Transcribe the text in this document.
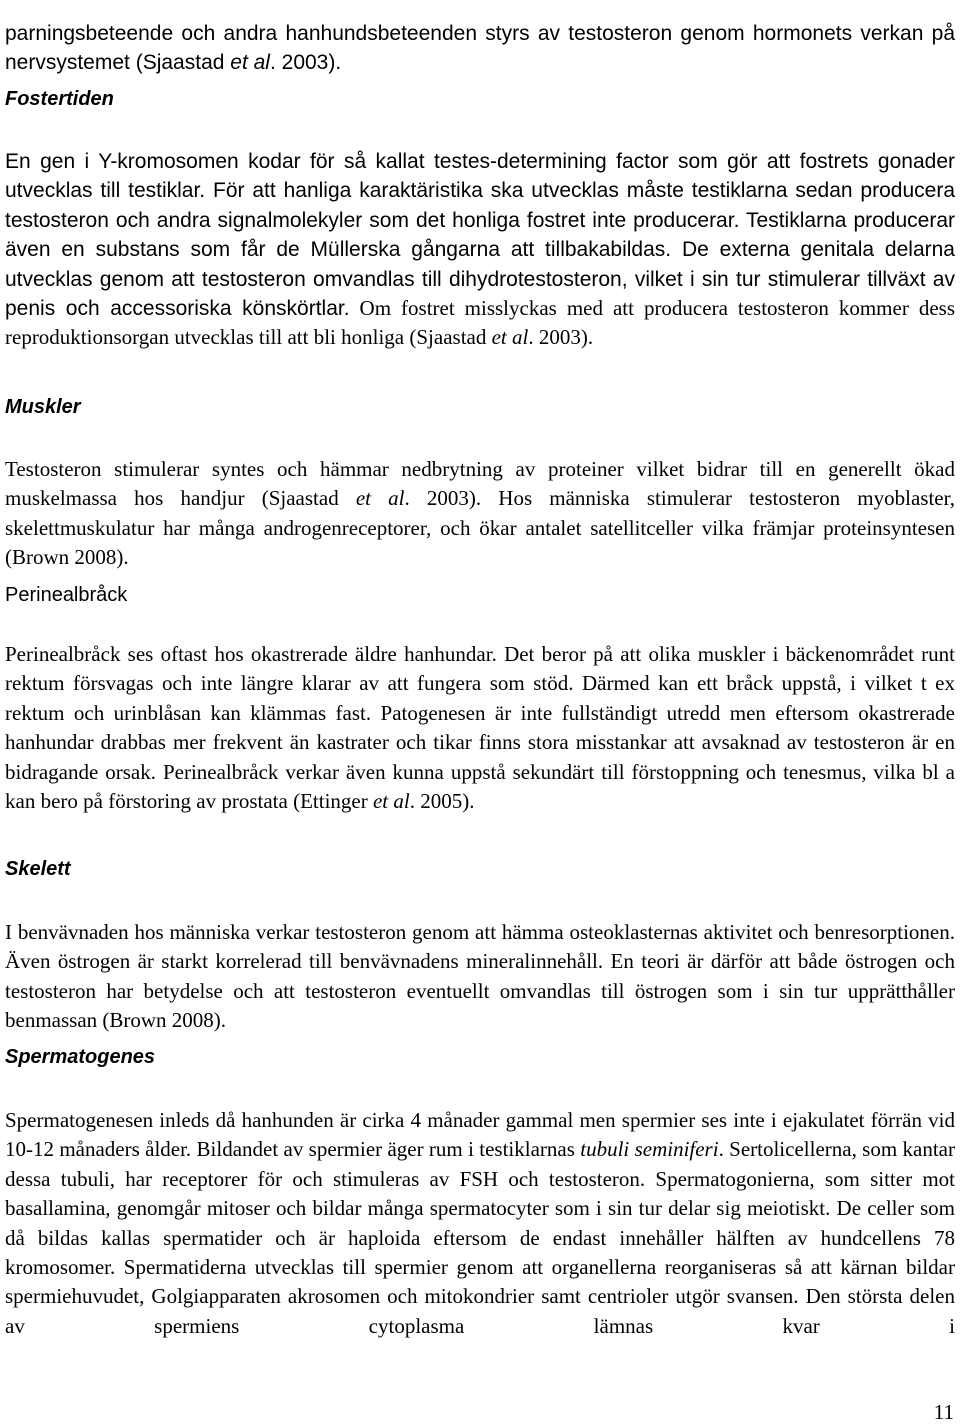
parningsbeteende och andra hanhundsbeteenden styrs av testosteron genom hormonets verkan på nervsystemet (Sjaastad et al. 2003).

Fostertiden

En gen i Y-kromosomen kodar för så kallat testes-determining factor som gör att fostrets gonader utvecklas till testiklar. För att hanliga karaktäristika ska utvecklas måste testiklarna sedan producera testosteron och andra signalmolekyler som det honliga fostret inte producerar. Testiklarna producerar även en substans som får de Müllerska gångarna att tillbakabildas. De externa genitala delarna utvecklas genom att testosteron omvandlas till dihydrotestosteron, vilket i sin tur stimulerar tillväxt av penis och accessoriska könskörtlar. Om fostret misslyckas med att producera testosteron kommer dess reproduktionsorgan utvecklas till att bli honliga (Sjaastad et al. 2003).

Muskler

Testosteron stimulerar syntes och hämmar nedbrytning av proteiner vilket bidrar till en generellt ökad muskelmassa hos handjur (Sjaastad et al. 2003). Hos människa stimulerar testosteron myoblaster, skelettmuskulatur har många androgenreceptorer, och ökar antalet satellitceller vilka främjar proteinsyntesen (Brown 2008).

Perinealbråck

Perinealbråck ses oftast hos okastrerade äldre hanhundar. Det beror på att olika muskler i bäckenområdet runt rektum försvagas och inte längre klarar av att fungera som stöd. Därmed kan ett bråck uppstå, i vilket t ex rektum och urinblåsan kan klämmas fast. Patogenesen är inte fullständigt utredd men eftersom okastrerade hanhundar drabbas mer frekvent än kastrater och tikar finns stora misstankar att avsaknad av testosteron är en bidragande orsak. Perinealbråck verkar även kunna uppstå sekundärt till förstoppning och tenesmus, vilka bl a kan bero på förstoring av prostata (Ettinger et al. 2005).

Skelett

I benvävnaden hos människa verkar testosteron genom att hämma osteoklasternas aktivitet och benresorptionen. Även östrogen är starkt korrelerad till benvävnadens mineralinnehåll. En teori är därför att både östrogen och testosteron har betydelse och att testosteron eventuellt omvandlas till östrogen som i sin tur upprätthåller benmassan (Brown 2008).

Spermatogenes

Spermatogenesen inleds då hanhunden är cirka 4 månader gammal men spermier ses inte i ejakulatet förrän vid 10-12 månaders ålder. Bildandet av spermier äger rum i testiklarnas tubuli seminiferi. Sertolicellerna, som kantar dessa tubuli, har receptorer för och stimuleras av FSH och testosteron. Spermatogonierna, som sitter mot basallamina, genomgår mitoser och bildar många spermatocyter som i sin tur delar sig meiotiskt. De celler som då bildas kallas spermatider och är haploida eftersom de endast innehåller hälften av hundcellens 78 kromosomer. Spermatiderna utvecklas till spermier genom att organellerna reorganiseras så att kärnan bildar spermiehuvudet, Golgiapparaten akrosomen och mitokondrier samt centrioler utgör svansen. Den största delen av spermiens cytoplasma lämnas kvar i

11
